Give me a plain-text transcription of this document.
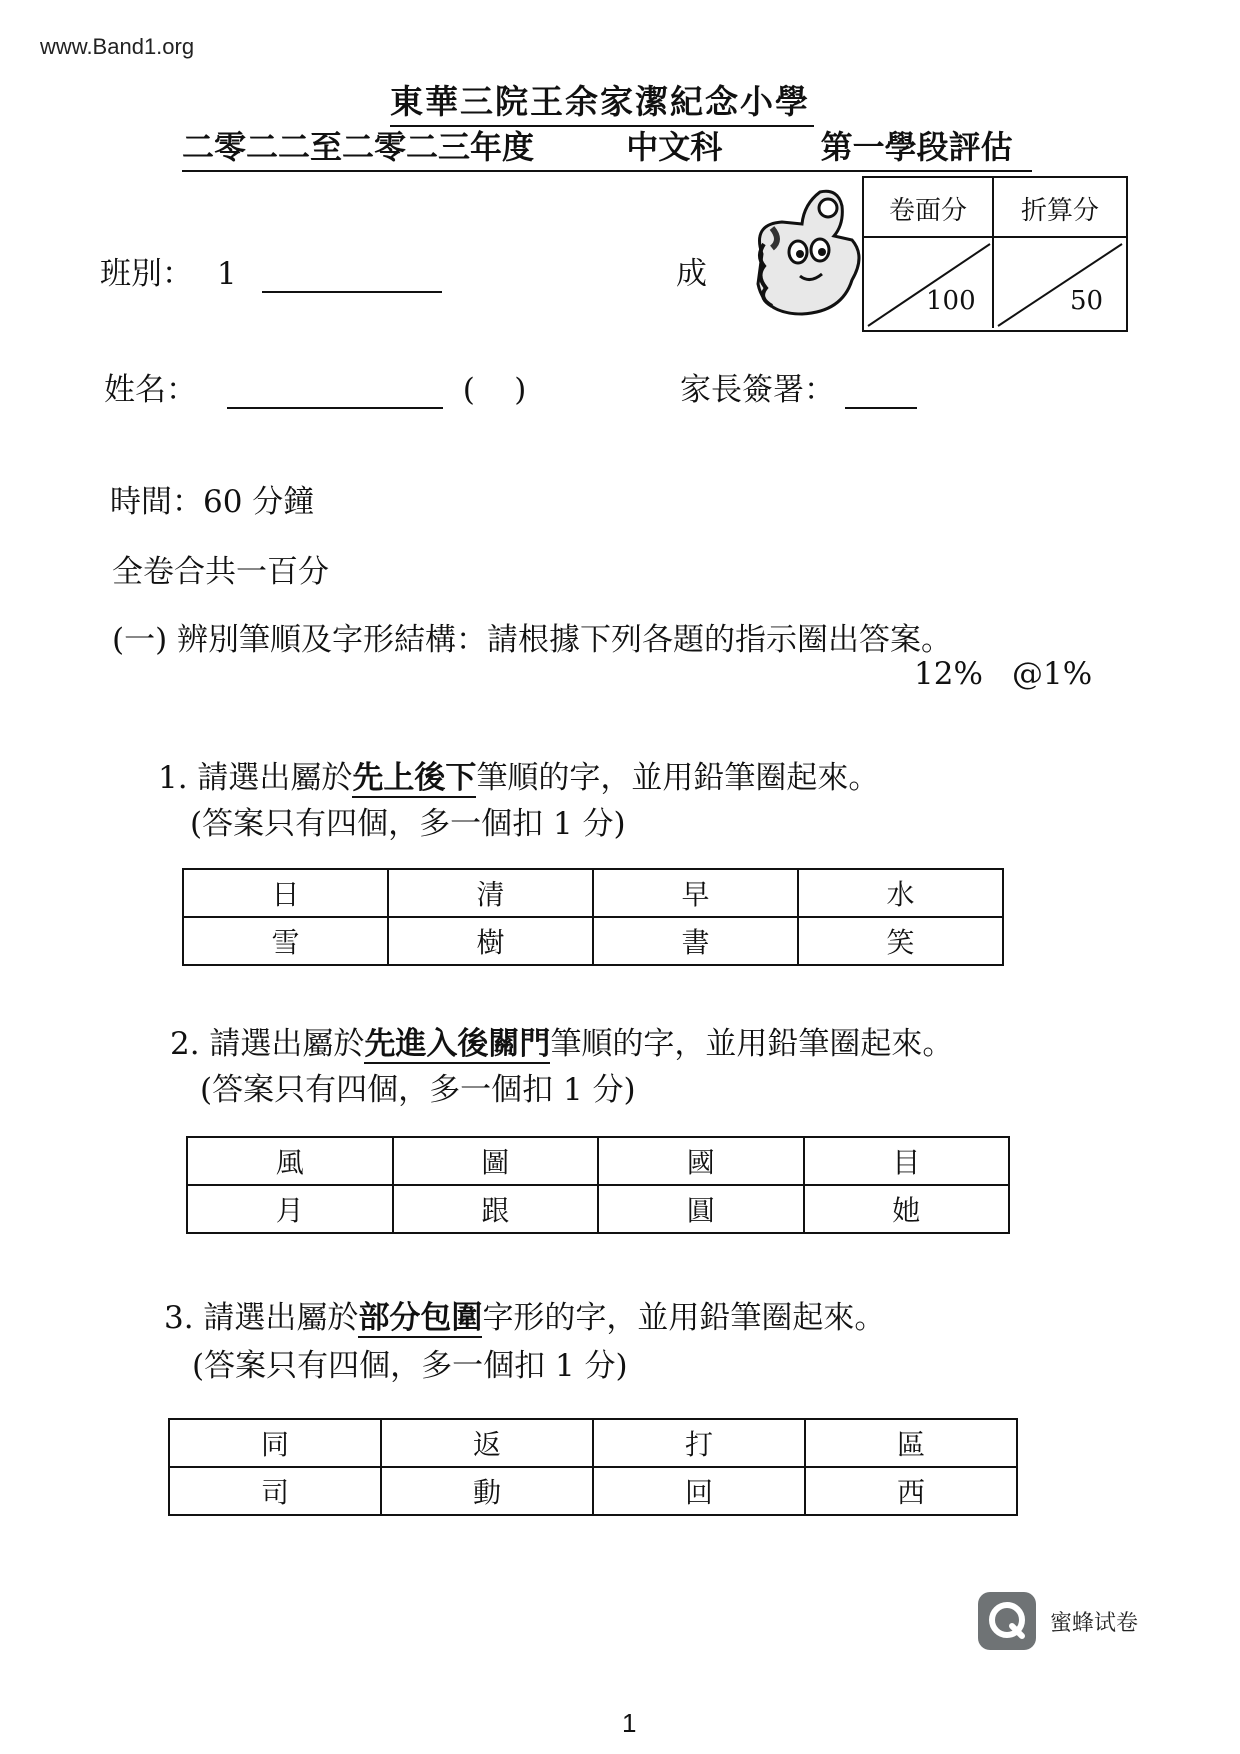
www.Band1.org
東華三院王余家潔紀念小學
二零二二至二零二三年度	中文科	第一學段評估
班別： 1	成
卷面分	折算分
100	50
姓名：	(    )	家長簽署：
時間：60 分鐘
全卷合共一百分
(一) 辨別筆順及字形結構：請根據下列各題的指示圈出答案。
12% @1%
1. 請選出屬於先上後下筆順的字，並用鉛筆圈起來。
(答案只有四個，多一個扣 1 分)
日	清	早	水
雪	樹	書	笑
2. 請選出屬於先進入後關門筆順的字，並用鉛筆圈起來。
(答案只有四個，多一個扣 1 分)
風	圖	國	目
月	跟	圓	她
3. 請選出屬於部分包圍字形的字，並用鉛筆圈起來。
(答案只有四個，多一個扣 1 分)
同	返	打	區
司	動	回	西
蜜蜂试卷
1
